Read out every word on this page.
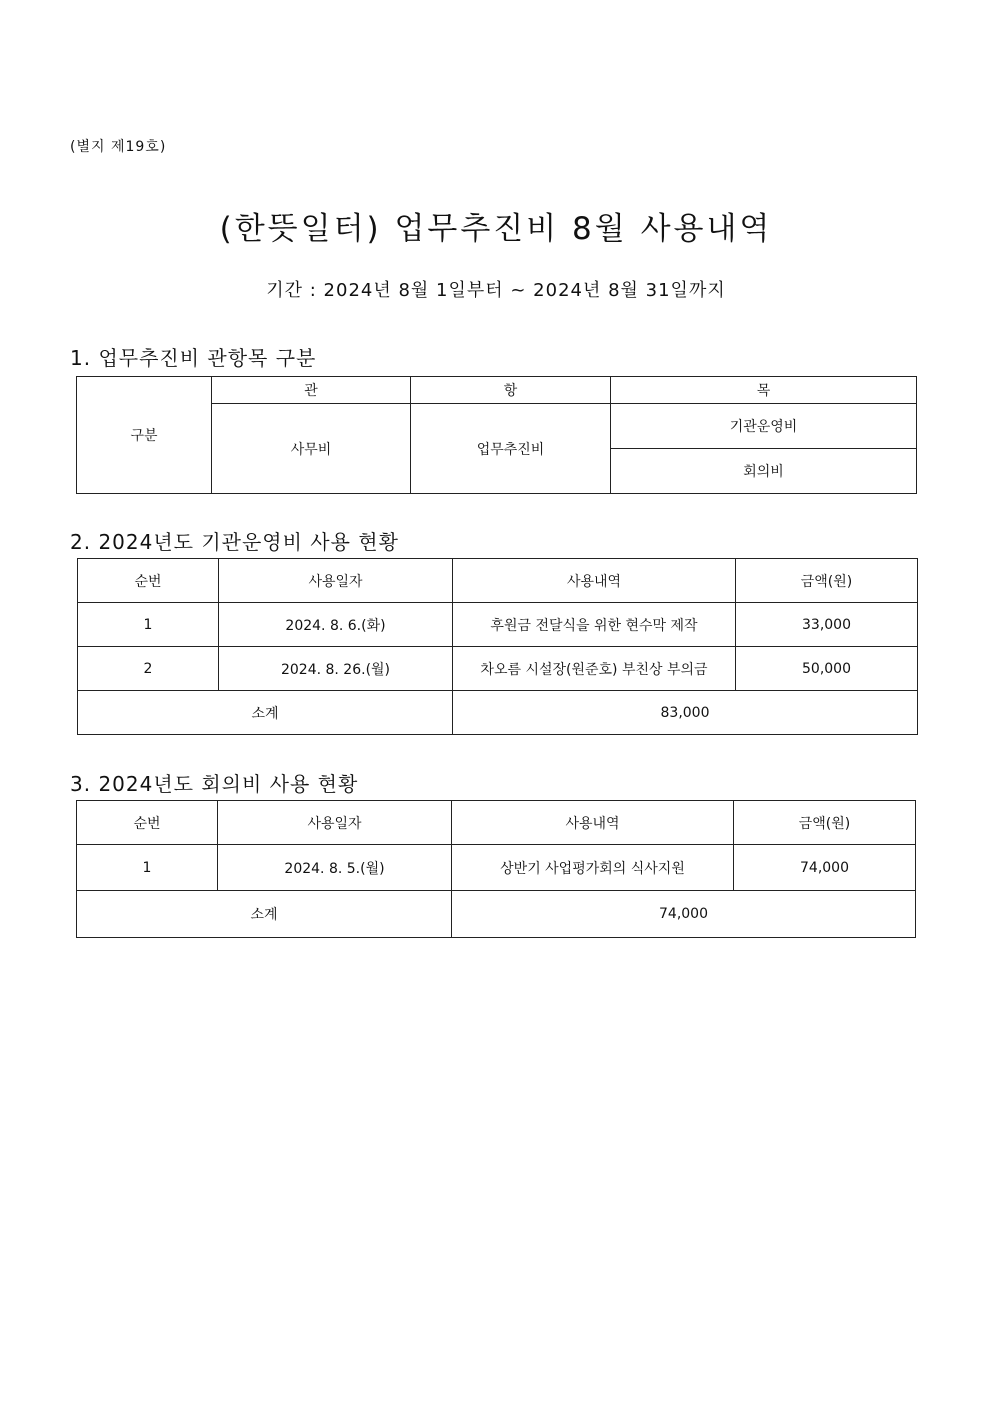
(별지 제19호)
(한뜻일터) 업무추진비 8월 사용내역
기간 : 2024년 8월 1일부터 ~ 2024년 8월 31일까지
1. 업무추진비 관항목 구분
구분	관	항	목
	사무비	업무추진비	기관운영비
			회의비
2. 2024년도 기관운영비 사용 현황
순번	사용일자	사용내역	금액(원)
1	2024. 8. 6.(화)	후원금 전달식을 위한 현수막 제작	33,000
2	2024. 8. 26.(월)	차오름 시설장(원준호) 부친상 부의금	50,000
소계		83,000	
3. 2024년도 회의비 사용 현황
순번	사용일자	사용내역	금액(원)
1	2024. 8. 5.(월)	상반기 사업평가회의 식사지원	74,000
소계		74,000	
